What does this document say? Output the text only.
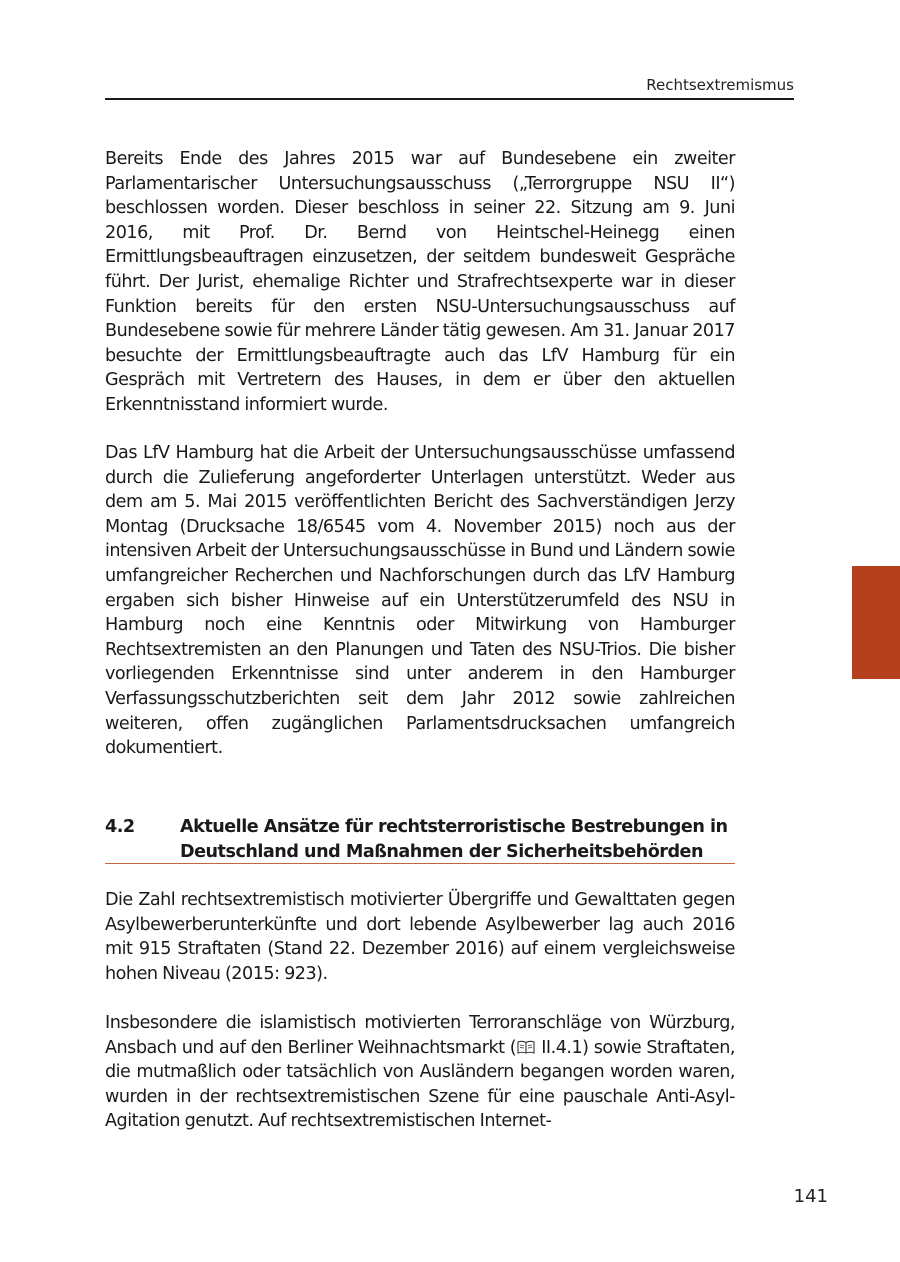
Rechtsextremismus

Bereits Ende des Jahres 2015 war auf Bundesebene ein zweiter Parlamentarischer Untersuchungsausschuss („Terrorgruppe NSU II“) beschlossen worden. Dieser beschloss in seiner 22. Sitzung am 9. Juni 2016, mit Prof. Dr. Bernd von Heintschel-Heinegg einen Ermittlungsbeauftragen einzusetzen, der seitdem bundesweit Gespräche führt. Der Jurist, ehemalige Richter und Strafrechtsexperte war in dieser Funktion bereits für den ersten NSU-Untersuchungsausschuss auf Bundesebene sowie für mehrere Länder tätig gewesen. Am 31. Januar 2017 besuchte der Ermittlungsbeauftragte auch das LfV Hamburg für ein Gespräch mit Vertretern des Hauses, in dem er über den aktuellen Erkenntnisstand informiert wurde.

Das LfV Hamburg hat die Arbeit der Untersuchungsausschüsse umfassend durch die Zulieferung angeforderter Unterlagen unterstützt. Weder aus dem am 5. Mai 2015 veröffentlichten Bericht des Sachverständigen Jerzy Montag (Drucksache 18/6545 vom 4. November 2015) noch aus der intensiven Arbeit der Untersuchungsausschüsse in Bund und Ländern sowie umfangreicher Recherchen und Nachforschungen durch das LfV Hamburg ergaben sich bisher Hinweise auf ein Unterstützerumfeld des NSU in Hamburg noch eine Kenntnis oder Mitwirkung von Hamburger Rechtsextremisten an den Planungen und Taten des NSU-Trios. Die bisher vorliegenden Erkenntnisse sind unter anderem in den Hamburger Verfassungsschutzberichten seit dem Jahr 2012 sowie zahlreichen weiteren, offen zugänglichen Parlamentsdrucksachen umfangreich dokumentiert.

4.2	Aktuelle Ansätze für rechtsterroristische Bestrebungen in Deutschland und Maßnahmen der Sicherheitsbehörden

Die Zahl rechtsextremistisch motivierter Übergriffe und Gewalttaten gegen Asylbewerberunterkünfte und dort lebende Asylbewerber lag auch 2016 mit 915 Straftaten (Stand 22. Dezember 2016) auf einem vergleichsweise hohen Niveau (2015: 923).

Insbesondere die islamistisch motivierten Terroranschläge von Würzburg, Ansbach und auf den Berliner Weihnachtsmarkt ( II.4.1) sowie Straftaten, die mutmaßlich oder tatsächlich von Ausländern begangen worden waren, wurden in der rechtsextremistischen Szene für eine pauschale Anti-Asyl-Agitation genutzt. Auf rechtsextremistischen Internet-

141
